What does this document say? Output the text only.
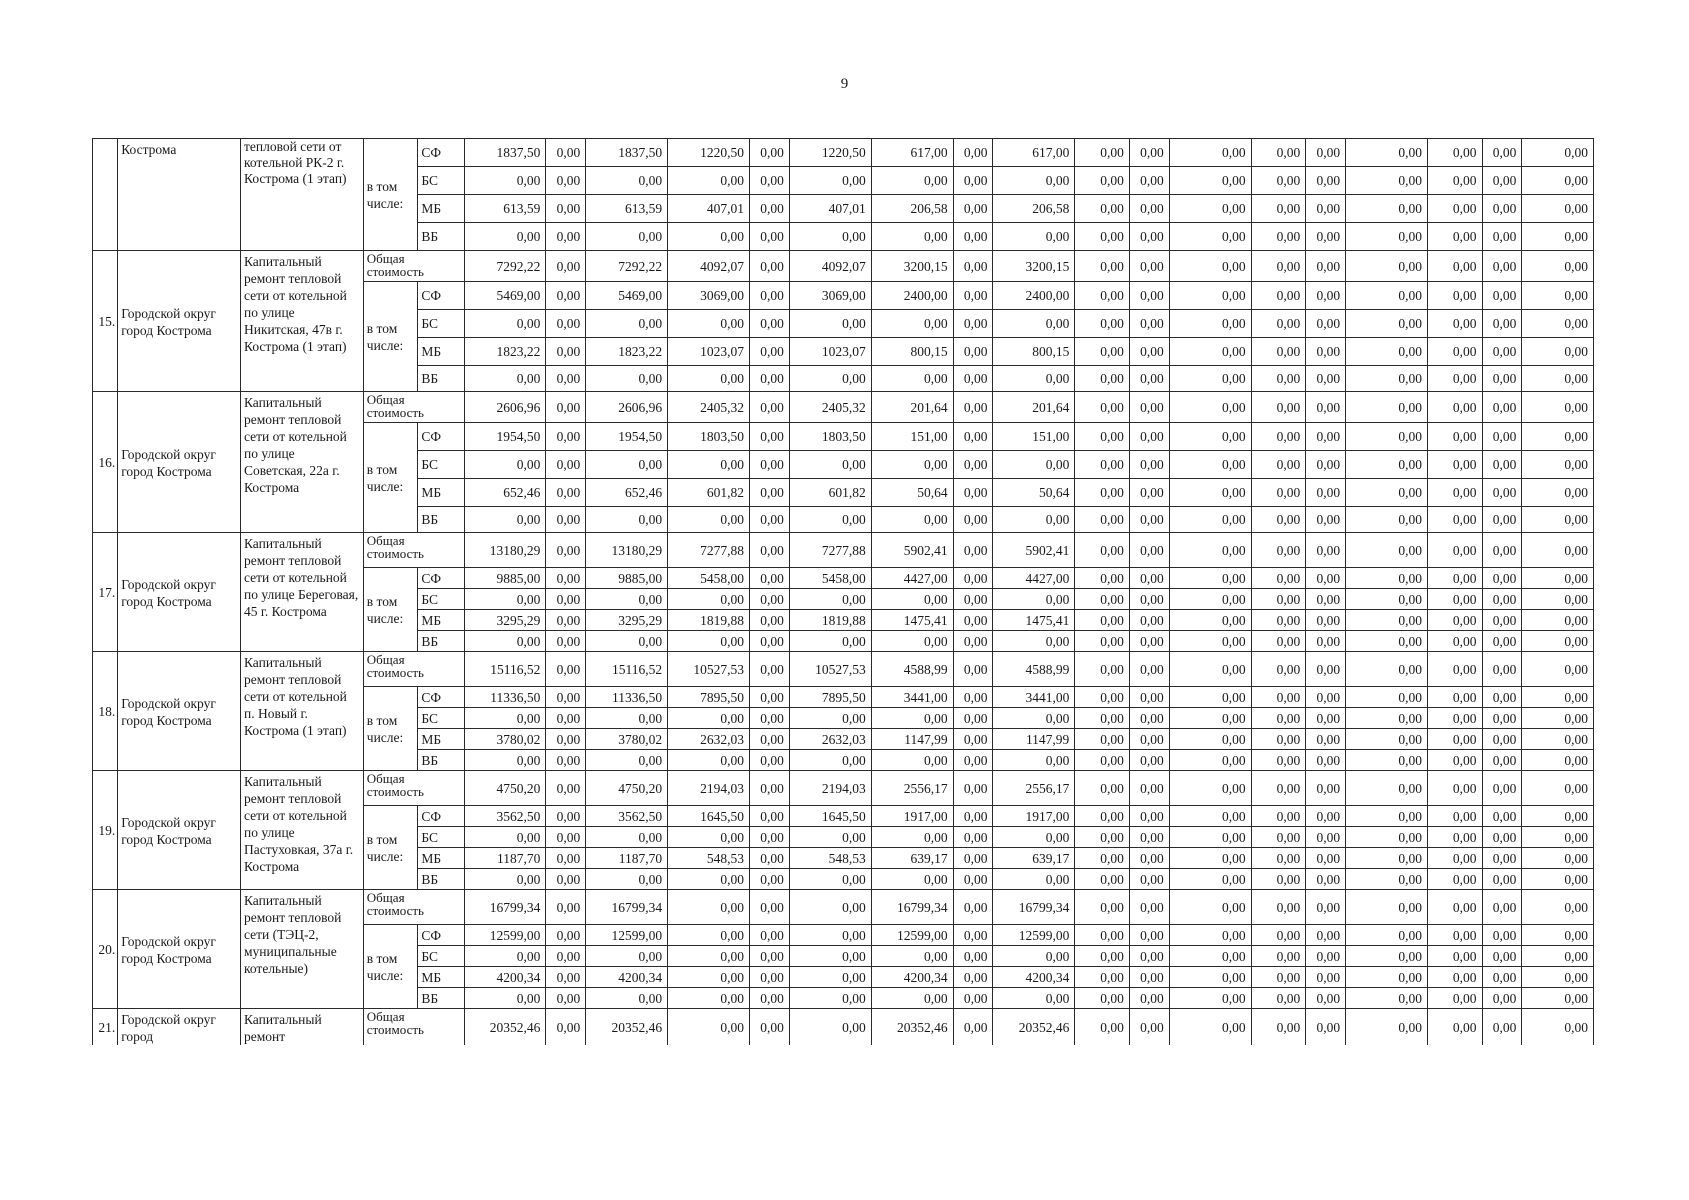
9
	Кострома	тепловой сети от котельной РК-2 г. Кострома (1 этап)	в том числе:	СФ	1837,50	0,00	1837,50	1220,50	0,00	1220,50	617,00	0,00	617,00	0,00	0,00	0,00	0,00	0,00	0,00	0,00	0,00	0,00
				БС	0,00	0,00	0,00	0,00	0,00	0,00	0,00	0,00	0,00	0,00	0,00	0,00	0,00	0,00	0,00	0,00	0,00	0,00
				МБ	613,59	0,00	613,59	407,01	0,00	407,01	206,58	0,00	206,58	0,00	0,00	0,00	0,00	0,00	0,00	0,00	0,00	0,00
				ВБ	0,00	0,00	0,00	0,00	0,00	0,00	0,00	0,00	0,00	0,00	0,00	0,00	0,00	0,00	0,00	0,00	0,00	0,00
15.	Городской округ город Кострома	Капитальный ремонт тепловой сети от котельной по улице Никитская, 47в г. Кострома (1 этап)	Общая стоимость		7292,22	0,00	7292,22	4092,07	0,00	4092,07	3200,15	0,00	3200,15	0,00	0,00	0,00	0,00	0,00	0,00	0,00	0,00	0,00
			в том числе:	СФ	5469,00	0,00	5469,00	3069,00	0,00	3069,00	2400,00	0,00	2400,00	0,00	0,00	0,00	0,00	0,00	0,00	0,00	0,00	0,00
				БС	0,00	0,00	0,00	0,00	0,00	0,00	0,00	0,00	0,00	0,00	0,00	0,00	0,00	0,00	0,00	0,00	0,00	0,00
				МБ	1823,22	0,00	1823,22	1023,07	0,00	1023,07	800,15	0,00	800,15	0,00	0,00	0,00	0,00	0,00	0,00	0,00	0,00	0,00
				ВБ	0,00	0,00	0,00	0,00	0,00	0,00	0,00	0,00	0,00	0,00	0,00	0,00	0,00	0,00	0,00	0,00	0,00	0,00
16.	Городской округ город Кострома	Капитальный ремонт тепловой сети от котельной по улице Советская, 22а г. Кострома	Общая стоимость		2606,96	0,00	2606,96	2405,32	0,00	2405,32	201,64	0,00	201,64	0,00	0,00	0,00	0,00	0,00	0,00	0,00	0,00	0,00
			в том числе:	СФ	1954,50	0,00	1954,50	1803,50	0,00	1803,50	151,00	0,00	151,00	0,00	0,00	0,00	0,00	0,00	0,00	0,00	0,00	0,00
				БС	0,00	0,00	0,00	0,00	0,00	0,00	0,00	0,00	0,00	0,00	0,00	0,00	0,00	0,00	0,00	0,00	0,00	0,00
				МБ	652,46	0,00	652,46	601,82	0,00	601,82	50,64	0,00	50,64	0,00	0,00	0,00	0,00	0,00	0,00	0,00	0,00	0,00
				ВБ	0,00	0,00	0,00	0,00	0,00	0,00	0,00	0,00	0,00	0,00	0,00	0,00	0,00	0,00	0,00	0,00	0,00	0,00
17.	Городской округ город Кострома	Капитальный ремонт тепловой сети от котельной по улице Береговая, 45 г. Кострома	Общая стоимость		13180,29	0,00	13180,29	7277,88	0,00	7277,88	5902,41	0,00	5902,41	0,00	0,00	0,00	0,00	0,00	0,00	0,00	0,00	0,00
			в том числе:	СФ	9885,00	0,00	9885,00	5458,00	0,00	5458,00	4427,00	0,00	4427,00	0,00	0,00	0,00	0,00	0,00	0,00	0,00	0,00	0,00
				БС	0,00	0,00	0,00	0,00	0,00	0,00	0,00	0,00	0,00	0,00	0,00	0,00	0,00	0,00	0,00	0,00	0,00	0,00
				МБ	3295,29	0,00	3295,29	1819,88	0,00	1819,88	1475,41	0,00	1475,41	0,00	0,00	0,00	0,00	0,00	0,00	0,00	0,00	0,00
				ВБ	0,00	0,00	0,00	0,00	0,00	0,00	0,00	0,00	0,00	0,00	0,00	0,00	0,00	0,00	0,00	0,00	0,00	0,00
18.	Городской округ город Кострома	Капитальный ремонт тепловой сети от котельной п. Новый г. Кострома (1 этап)	Общая стоимость		15116,52	0,00	15116,52	10527,53	0,00	10527,53	4588,99	0,00	4588,99	0,00	0,00	0,00	0,00	0,00	0,00	0,00	0,00	0,00
			в том числе:	СФ	11336,50	0,00	11336,50	7895,50	0,00	7895,50	3441,00	0,00	3441,00	0,00	0,00	0,00	0,00	0,00	0,00	0,00	0,00	0,00
				БС	0,00	0,00	0,00	0,00	0,00	0,00	0,00	0,00	0,00	0,00	0,00	0,00	0,00	0,00	0,00	0,00	0,00	0,00
				МБ	3780,02	0,00	3780,02	2632,03	0,00	2632,03	1147,99	0,00	1147,99	0,00	0,00	0,00	0,00	0,00	0,00	0,00	0,00	0,00
				ВБ	0,00	0,00	0,00	0,00	0,00	0,00	0,00	0,00	0,00	0,00	0,00	0,00	0,00	0,00	0,00	0,00	0,00	0,00
19.	Городской округ город Кострома	Капитальный ремонт тепловой сети от котельной по улице Пастуховкая, 37а г. Кострома	Общая стоимость		4750,20	0,00	4750,20	2194,03	0,00	2194,03	2556,17	0,00	2556,17	0,00	0,00	0,00	0,00	0,00	0,00	0,00	0,00	0,00
			в том числе:	СФ	3562,50	0,00	3562,50	1645,50	0,00	1645,50	1917,00	0,00	1917,00	0,00	0,00	0,00	0,00	0,00	0,00	0,00	0,00	0,00
				БС	0,00	0,00	0,00	0,00	0,00	0,00	0,00	0,00	0,00	0,00	0,00	0,00	0,00	0,00	0,00	0,00	0,00	0,00
				МБ	1187,70	0,00	1187,70	548,53	0,00	548,53	639,17	0,00	639,17	0,00	0,00	0,00	0,00	0,00	0,00	0,00	0,00	0,00
				ВБ	0,00	0,00	0,00	0,00	0,00	0,00	0,00	0,00	0,00	0,00	0,00	0,00	0,00	0,00	0,00	0,00	0,00	0,00
20.	Городской округ город Кострома	Капитальный ремонт тепловой сети (ТЭЦ-2, муниципальные котельные)	Общая стоимость		16799,34	0,00	16799,34	0,00	0,00	0,00	16799,34	0,00	16799,34	0,00	0,00	0,00	0,00	0,00	0,00	0,00	0,00	0,00
			в том числе:	СФ	12599,00	0,00	12599,00	0,00	0,00	0,00	12599,00	0,00	12599,00	0,00	0,00	0,00	0,00	0,00	0,00	0,00	0,00	0,00
				БС	0,00	0,00	0,00	0,00	0,00	0,00	0,00	0,00	0,00	0,00	0,00	0,00	0,00	0,00	0,00	0,00	0,00	0,00
				МБ	4200,34	0,00	4200,34	0,00	0,00	0,00	4200,34	0,00	4200,34	0,00	0,00	0,00	0,00	0,00	0,00	0,00	0,00	0,00
				ВБ	0,00	0,00	0,00	0,00	0,00	0,00	0,00	0,00	0,00	0,00	0,00	0,00	0,00	0,00	0,00	0,00	0,00	0,00
21.	Городской округ город	Капитальный ремонт	Общая стоимость		20352,46	0,00	20352,46	0,00	0,00	0,00	20352,46	0,00	20352,46	0,00	0,00	0,00	0,00	0,00	0,00	0,00	0,00	0,00
